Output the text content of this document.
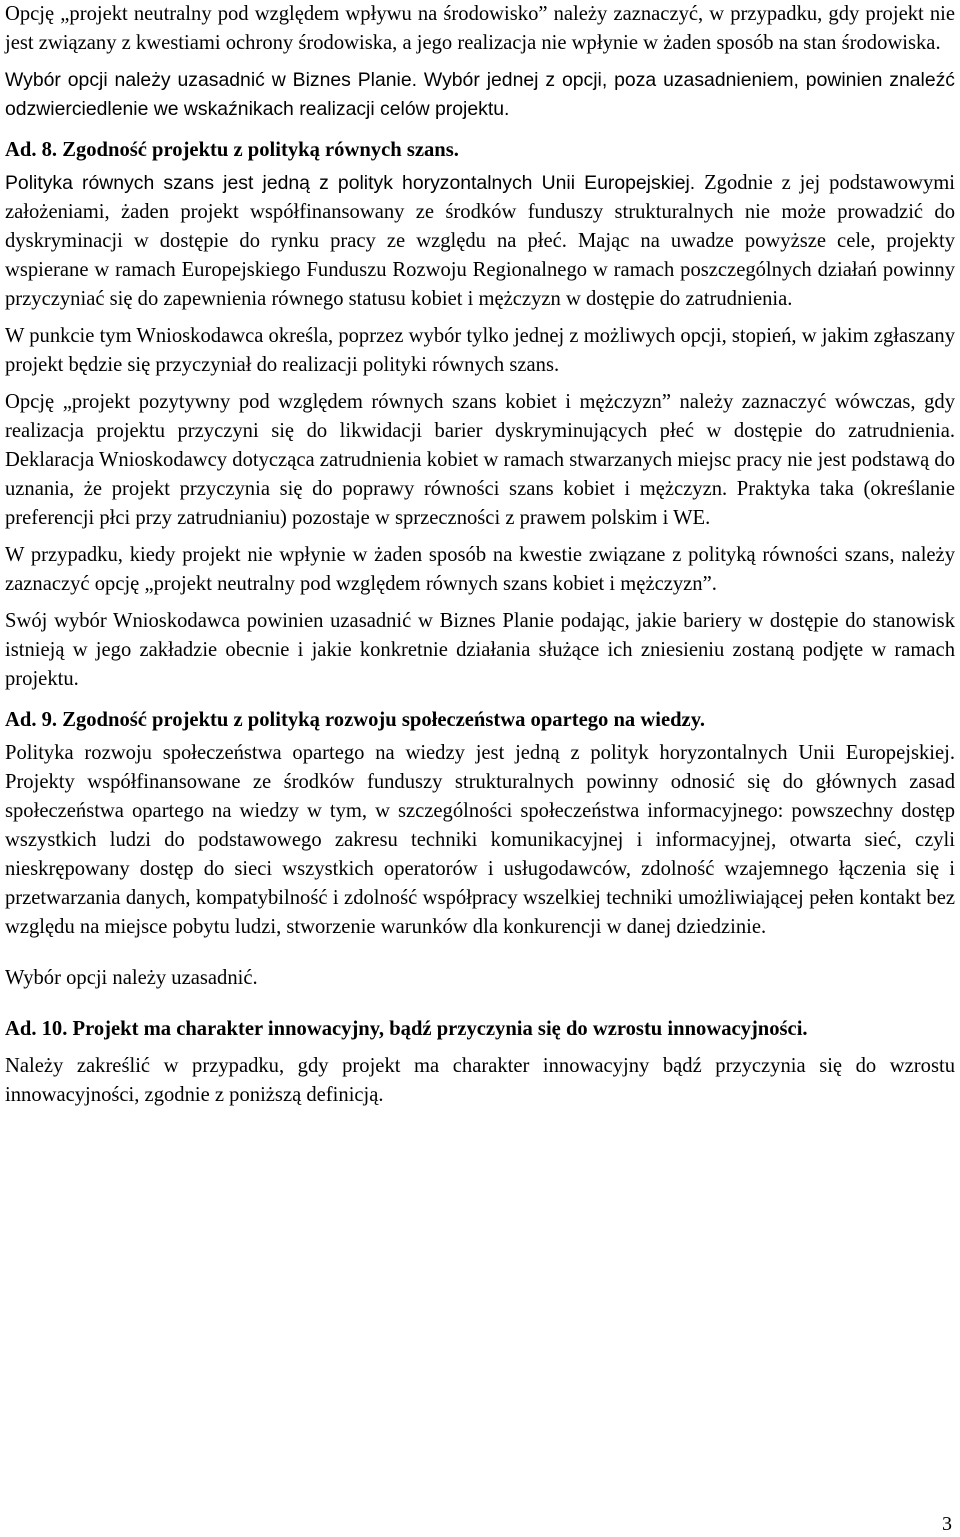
Opcję „projekt neutralny pod względem wpływu na środowisko” należy zaznaczyć, w przypadku, gdy projekt nie jest związany z kwestiami ochrony środowiska, a jego realizacja nie wpłynie w żaden sposób na stan środowiska.

Wybór opcji należy uzasadnić w Biznes Planie. Wybór jednej z opcji, poza uzasadnieniem, powinien znaleźć odzwierciedlenie we wskaźnikach realizacji celów projektu.

Ad. 8. Zgodność projektu z polityką równych szans.

Polityka równych szans jest jedną z polityk horyzontalnych Unii Europejskiej. Zgodnie z jej podstawowymi założeniami, żaden projekt współfinansowany ze środków funduszy strukturalnych nie może prowadzić do dyskryminacji w dostępie do rynku pracy ze względu na płeć. Mając na uwadze powyższe cele, projekty wspierane w ramach Europejskiego Funduszu Rozwoju Regionalnego w ramach poszczególnych działań powinny przyczyniać się do zapewnienia równego statusu kobiet i mężczyzn w dostępie do zatrudnienia.

W punkcie tym Wnioskodawca określa, poprzez wybór tylko jednej z możliwych opcji, stopień, w jakim zgłaszany projekt będzie się przyczyniał do realizacji polityki równych szans.

Opcję „projekt pozytywny pod względem równych szans kobiet i mężczyzn” należy zaznaczyć wówczas, gdy realizacja projektu przyczyni się do likwidacji barier dyskryminujących płeć w dostępie do zatrudnienia. Deklaracja Wnioskodawcy dotycząca zatrudnienia kobiet w ramach stwarzanych miejsc pracy nie jest podstawą do uznania, że projekt przyczynia się do poprawy równości szans kobiet i mężczyzn. Praktyka taka (określanie preferencji płci przy zatrudnianiu) pozostaje w sprzeczności z prawem polskim i WE.

W przypadku, kiedy projekt nie wpłynie w żaden sposób na kwestie związane z polityką równości szans, należy zaznaczyć opcję „projekt neutralny pod względem równych szans kobiet i mężczyzn”.

Swój wybór Wnioskodawca powinien uzasadnić w Biznes Planie podając, jakie bariery w dostępie do stanowisk istnieją w jego zakładzie obecnie i jakie konkretnie działania służące ich zniesieniu zostaną podjęte w ramach projektu.

Ad. 9. Zgodność projektu z polityką rozwoju społeczeństwa opartego na wiedzy.

Polityka rozwoju społeczeństwa opartego na wiedzy jest jedną z polityk horyzontalnych Unii Europejskiej. Projekty współfinansowane ze środków funduszy strukturalnych powinny odnosić się do głównych zasad społeczeństwa opartego na wiedzy w tym, w szczególności społeczeństwa informacyjnego: powszechny dostęp wszystkich ludzi do podstawowego zakresu techniki komunikacyjnej i informacyjnej, otwarta sieć, czyli nieskrępowany dostęp do sieci wszystkich operatorów i usługodawców, zdolność wzajemnego łączenia się i przetwarzania danych, kompatybilność i zdolność współpracy wszelkiej techniki umożliwiającej pełen kontakt bez względu na miejsce pobytu ludzi, stworzenie warunków dla konkurencji w danej dziedzinie.

Wybór opcji należy uzasadnić.

Ad. 10. Projekt ma charakter innowacyjny, bądź przyczynia się do wzrostu innowacyjności.

Należy zakreślić w przypadku, gdy projekt ma charakter innowacyjny bądź przyczynia się do wzrostu innowacyjności, zgodnie z poniższą definicją.

3
